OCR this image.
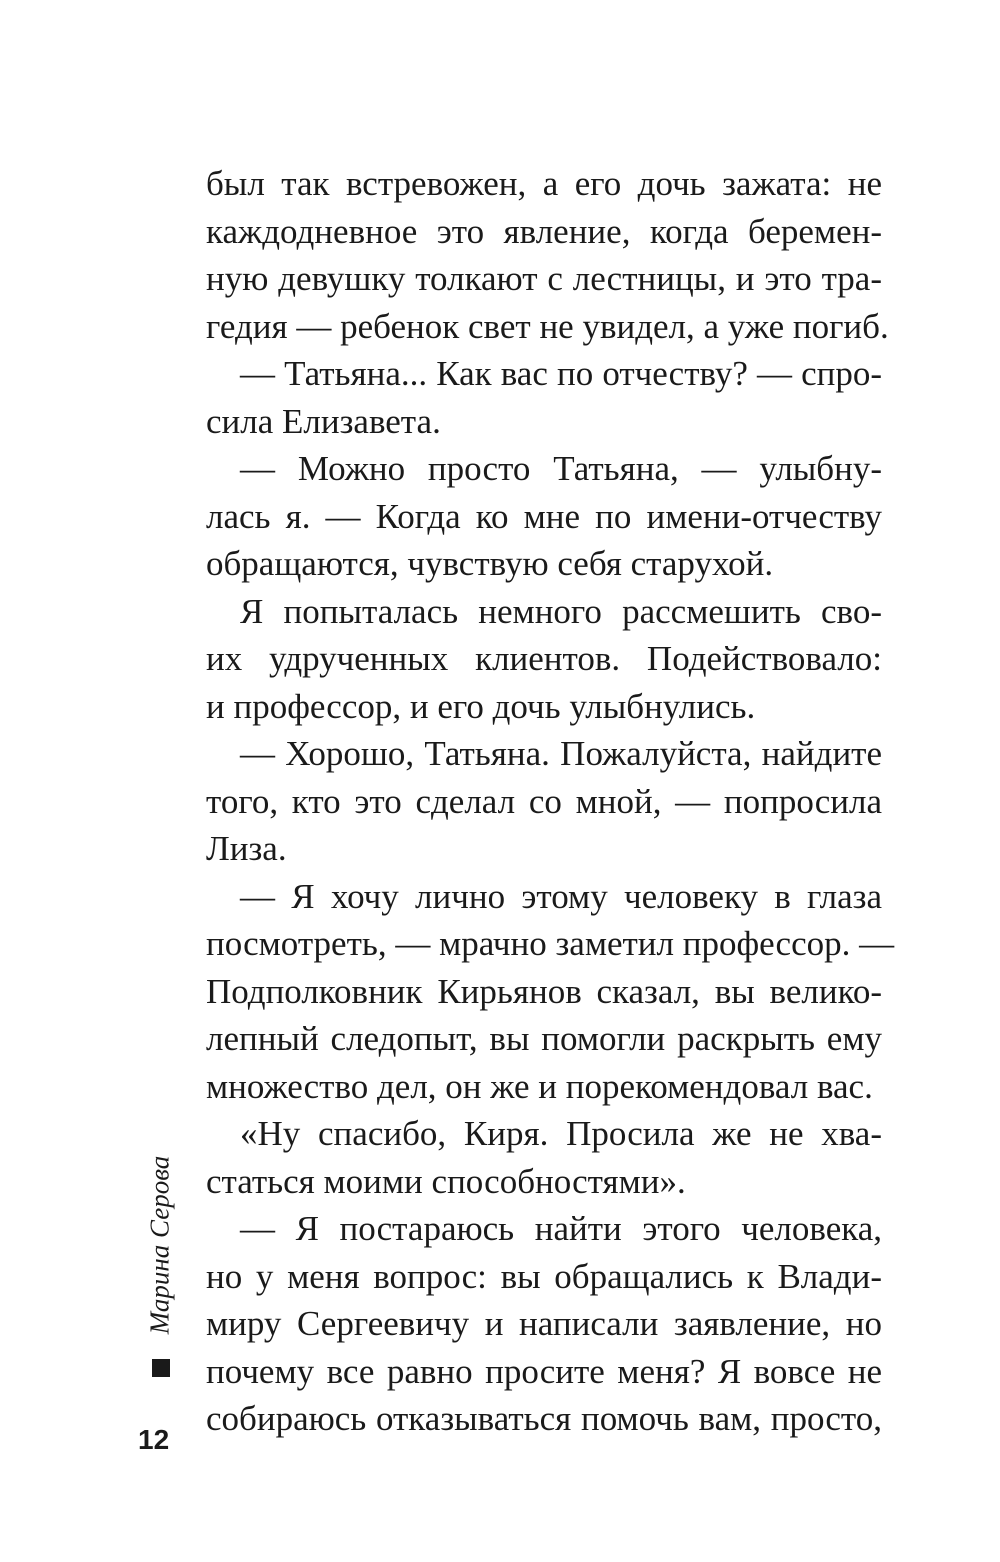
был так встревожен, а его дочь зажата: не
каждодневное это явление, когда беремен-
ную девушку толкают с лестницы, и это тра-
гедия — ребенок свет не увидел, а уже погиб.
— Татьяна... Как вас по отчеству? — спро-
сила Елизавета.
— Можно просто Татьяна, — улыбну-
лась я. — Когда ко мне по имени-отчеству
обращаются, чувствую себя старухой.
Я попыталась немного рассмешить сво-
их удрученных клиентов. Подействовало:
и профессор, и его дочь улыбнулись.
— Хорошо, Татьяна. Пожалуйста, найдите
того, кто это сделал со мной, — попросила
Лиза.
— Я хочу лично этому человеку в глаза
посмотреть, — мрачно заметил профессор. —
Подполковник Кирьянов сказал, вы велико-
лепный следопыт, вы помогли раскрыть ему
множество дел, он же и порекомендовал вас.
«Ну спасибо, Киря. Просила же не хва-
статься моими способностями».
— Я постараюсь найти этого человека,
но у меня вопрос: вы обращались к Влади-
миру Сергеевичу и написали заявление, но
почему все равно просите меня? Я вовсе не
собираюсь отказываться помочь вам, просто,
Марина Серова
12
